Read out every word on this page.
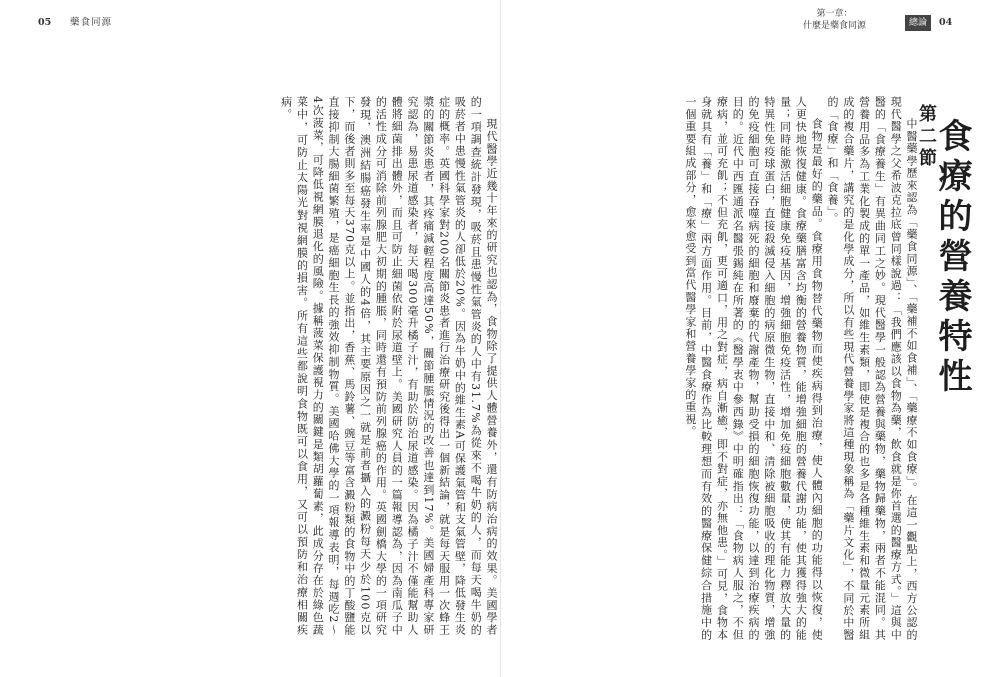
05 藥食同源
第一章：
什麼是藥食同源	總論	04
第二節
食療的營養特性

中醫藥學歷來認為「藥食同源」、「藥補不如食補」、「藥療不如食療」。在這一觀點上，西方公認的現代醫學之父希波克拉底曾同樣說過：「我們應該以食物為藥，飲食就是你首選的醫療方式。」這與中醫的「食療養生」有異曲同工之妙。現代醫學一般認為營養與藥物，藥物歸藥物，兩者不能混同。其營養用品多為工業化製成的單一產品，如維生素類，即使是複合的也多是各種維生素和微量元素所組成的複合藥片，講究的是化學成分，所以有些現代營養學家將這種現象稱為「藥片文化」，不同於中醫的「食療」和「食養」。

食物是最好的藥品。食療用食物替代藥物而使疾病得到治療，使人體內細胞的功能得以恢復，使人更快地恢復健康。食療藥膳富含均衡的營養物質，能增強細胞的營養代謝功能，使其獲得強大的能量；同時能激活細胞健康免疫基因，增強細胞免疫活性，增加免疫細胞數量，使其有能力釋放大量的特異性免疫球蛋白，直接殺滅侵入細胞的病原微生物，直接中和、清除被細胞吸收的理化物質，增強的免疫細胞可直接吞噬病死的細胞和廢棄的代謝產物，幫助受損的細胞恢復功能，以達到治療疾病的目的。近代中西匯通派名醫張錫純在所著的《醫學衷中參西錄》中明確指出：「食物病人服之，不但療病，並可充飢；不但充飢，更可適口，用之對症，病自漸癒，即不對症，亦無他患。」可見，食物本身就具有「養」和「療」兩方面作用。目前，中醫食療作為比較理想而有效的醫療保健綜合措施中的一個重要組成部分，愈來愈受到當代醫學家和營養學家的重視。

現代醫學近幾十年來的研究也認為，食物除了提供人體營養外，還有防病治病的效果。美國學者的一項調查統計發現，吸菸且患慢性氣管炎的人中有31.7%為從來不喝牛奶的人，而每天喝牛奶的吸菸者中患慢性氣管炎的人卻低於20%。因為牛奶中的維生素A可保護氣管和支氣管壁，降低發生炎症的概率。英國科學家對200名關節炎患者進行治療研究後得出一個新結論，就是每天服用一次蜂王漿的關節炎患者，其疼痛減輕程度高達50%，關節腫脹情況的改善也達到17%。美國婦產科專家研究認為，易患尿道感染者，每天喝300毫升橘子汁，有助於防治尿道感染。因為橘子汁不僅能幫助人體將細菌排出體外，而且可防止細菌依附於尿道壁上。美國研究人員的一篇報導認為，因為南瓜子中的活性成分可消除前列腺肥大初期的腫脹，同時還有預防前列腺癌的作用。英國劍橋大學的一項研究發現，澳洲結腸癌發生率是中國人的4倍，其主要原因之一就是前者攝入的澱粉每天少於100克以下，而後者則多至每天370克以上。並指出，香蕉、馬鈴薯、豌豆等富含澱粉類的食物中的丁酸鹽能直接抑制大腸細菌繁殖，是癌細胞生長的強效抑制物質。美國哈佛大學的一項報導表明，每週吃2～4次菠菜，可降低視網膜退化的風險。據稱菠菜保護視力的關鍵是類胡蘿蔔素，此成分存在於綠色蔬菜中，可防止太陽光對視網膜的損害。所有這些都說明食物既可以食用，又可以預防和治療相關疾病。
